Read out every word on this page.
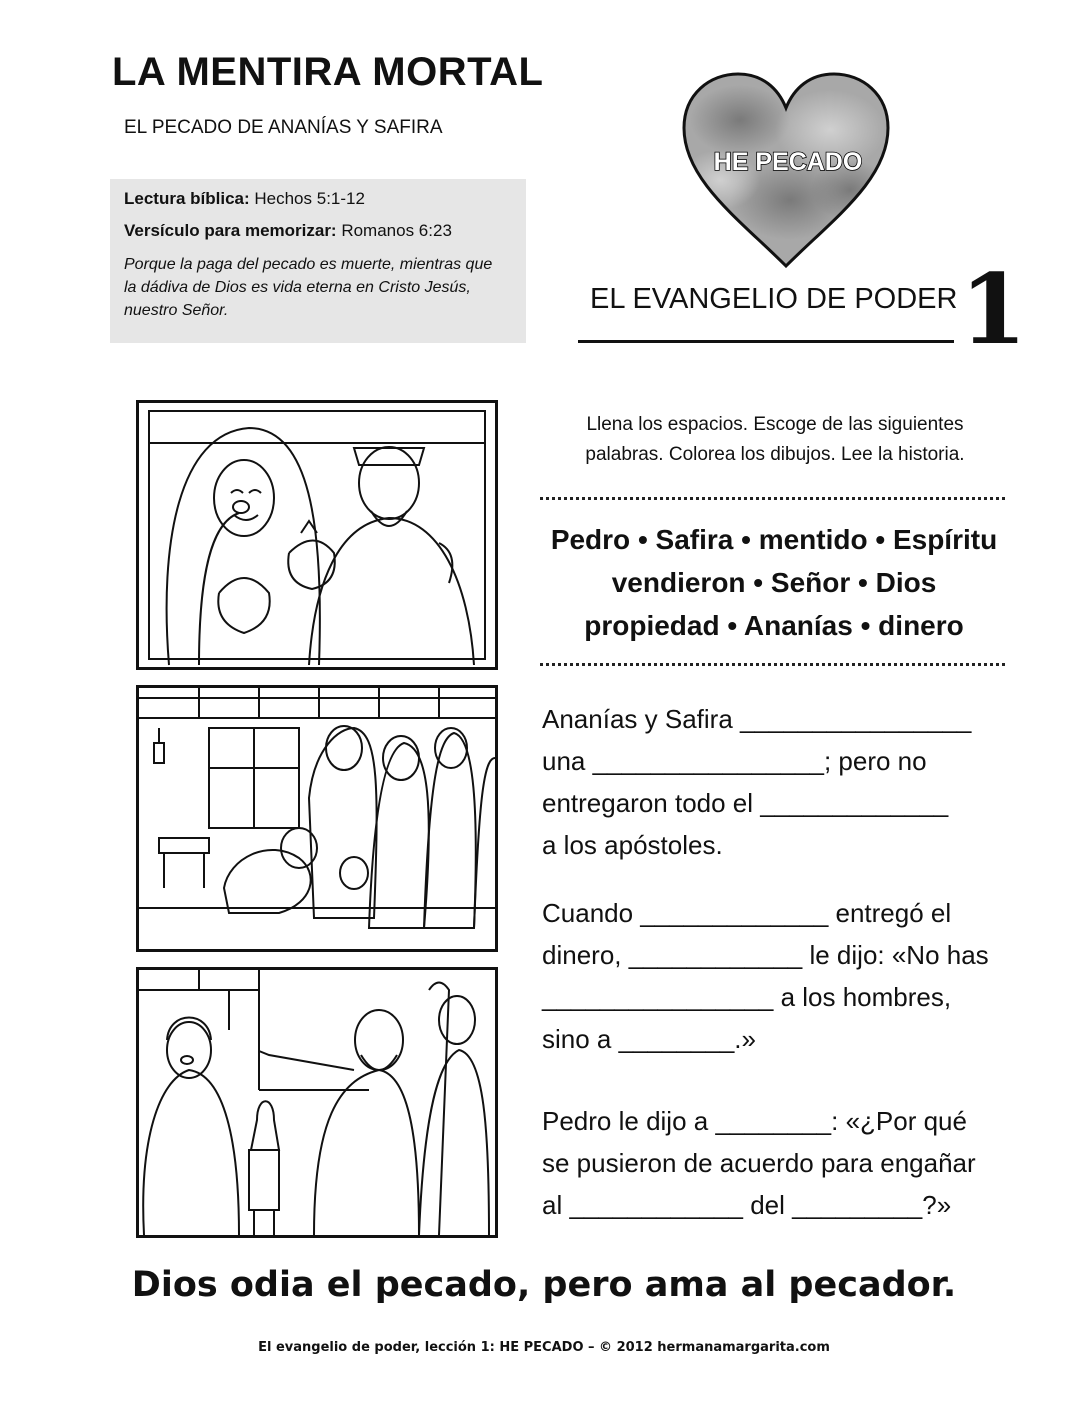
LA MENTIRA MORTAL
EL PECADO DE ANANÍAS Y SAFIRA
Lectura bíblica: Hechos 5:1-12
Versículo para memorizar: Romanos 6:23
Porque la paga del pecado es muerte, mientras que
la dádiva de Dios es vida eterna en Cristo Jesús,
nuestro Señor.
HE PECADO
EL EVANGELIO DE PODER 1
Llena los espacios. Escoge de las siguientes
palabras. Colorea los dibujos. Lee la historia.
Pedro • Safira • mentido • Espíritu
vendieron • Señor • Dios
propiedad • Ananías • dinero
Ananías y Safira ________________
una ________________; pero no
entregaron todo el _____________
a los apóstoles.
Cuando _____________ entregó el
dinero, ____________ le dijo: «No has
________________ a los hombres,
sino a ________.»
Pedro le dijo a ________: «¿Por qué
se pusieron de acuerdo para engañar
al ____________ del _________?»
Dios odia el pecado, pero ama al pecador.
El evangelio de poder, lección 1: HE PECADO – © 2012 hermanamargarita.com
